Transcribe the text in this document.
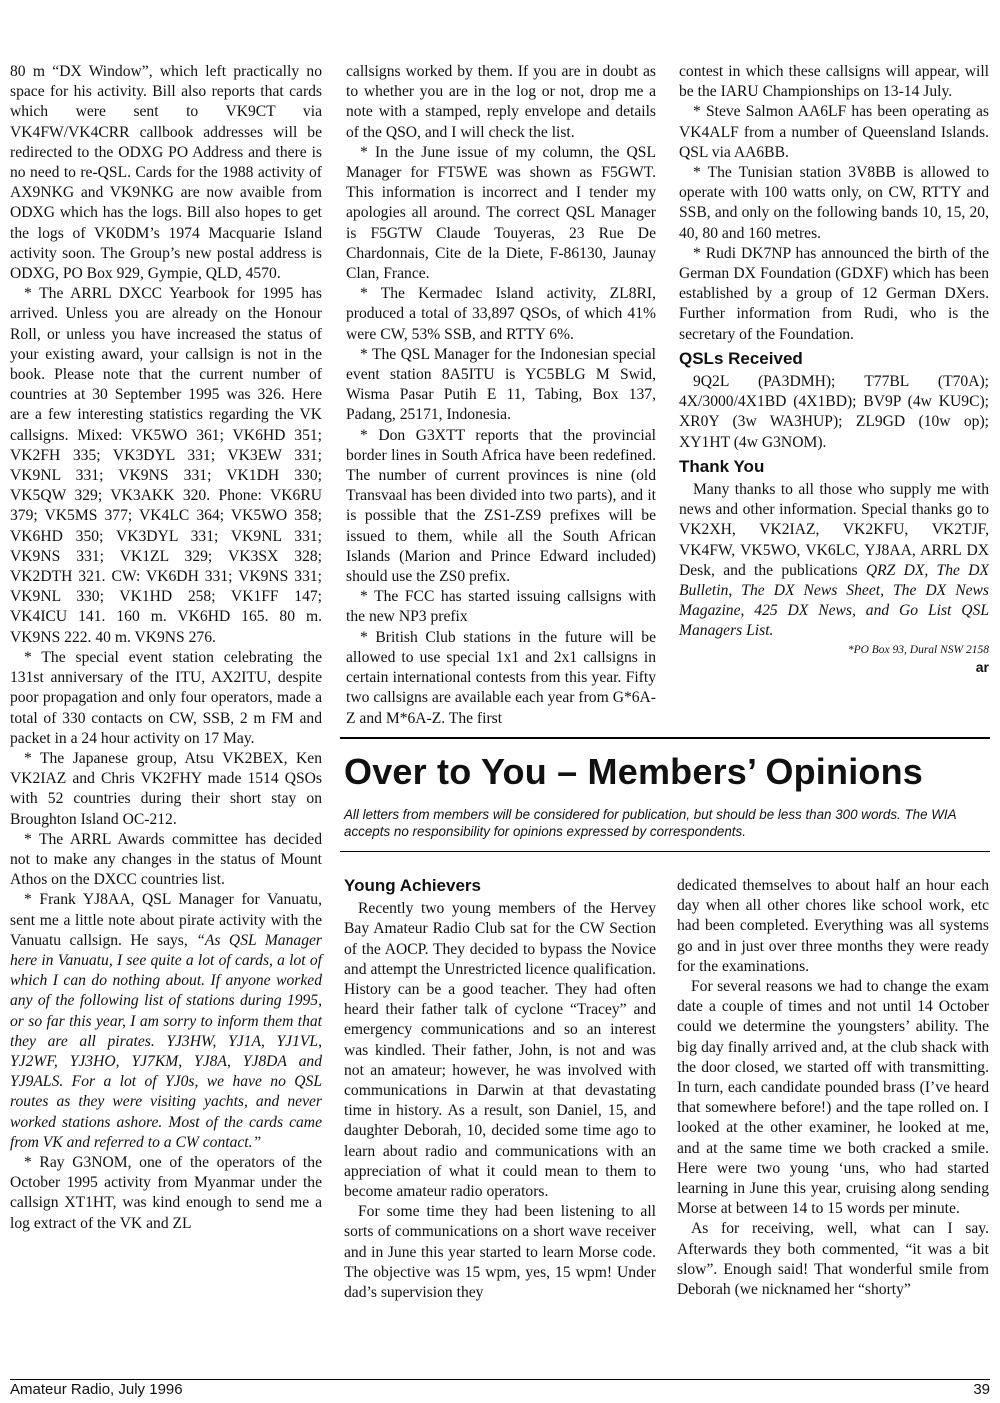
80 m “DX Window”, which left practically no space for his activity. Bill also reports that cards which were sent to VK9CT via VK4FW/VK4CRR callbook addresses will be redirected to the ODXG PO Address and there is no need to re-QSL. Cards for the 1988 activity of AX9NKG and VK9NKG are now avaible from ODXG which has the logs. Bill also hopes to get the logs of VK0DM’s 1974 Macquarie Island activity soon. The Group’s new postal address is ODXG, PO Box 929, Gympie, QLD, 4570.

* The ARRL DXCC Yearbook for 1995 has arrived. Unless you are already on the Honour Roll, or unless you have increased the status of your existing award, your callsign is not in the book. Please note that the current number of countries at 30 September 1995 was 326. Here are a few interesting statistics regarding the VK callsigns. Mixed: VK5WO 361; VK6HD 351; VK2FH 335; VK3DYL 331; VK3EW 331; VK9NL 331; VK9NS 331; VK1DH 330; VK5QW 329; VK3AKK 320. Phone: VK6RU 379; VK5MS 377; VK4LC 364; VK5WO 358; VK6HD 350; VK3DYL 331; VK9NL 331; VK9NS 331; VK1ZL 329; VK3SX 328; VK2DTH 321. CW: VK6DH 331; VK9NS 331; VK9NL 330; VK1HD 258; VK1FF 147; VK4ICU 141. 160 m. VK6HD 165. 80 m. VK9NS 222. 40 m. VK9NS 276.

* The special event station celebrating the 131st anniversary of the ITU, AX2ITU, despite poor propagation and only four operators, made a total of 330 contacts on CW, SSB, 2 m FM and packet in a 24 hour activity on 17 May.

* The Japanese group, Atsu VK2BEX, Ken VK2IAZ and Chris VK2FHY made 1514 QSOs with 52 countries during their short stay on Broughton Island OC-212.

* The ARRL Awards committee has decided not to make any changes in the status of Mount Athos on the DXCC countries list.

* Frank YJ8AA, QSL Manager for Vanuatu, sent me a little note about pirate activity with the Vanuatu callsign. He says, “As QSL Manager here in Vanuatu, I see quite a lot of cards, a lot of which I can do nothing about. If anyone worked any of the following list of stations during 1995, or so far this year, I am sorry to inform them that they are all pirates. YJ3HW, YJ1A, YJ1VL, YJ2WF, YJ3HO, YJ7KM, YJ8A, YJ8DA and YJ9ALS. For a lot of YJ0s, we have no QSL routes as they were visiting yachts, and never worked stations ashore. Most of the cards came from VK and referred to a CW contact.”

* Ray G3NOM, one of the operators of the October 1995 activity from Myanmar under the callsign XT1HT, was kind enough to send me a log extract of the VK and ZL

callsigns worked by them. If you are in doubt as to whether you are in the log or not, drop me a note with a stamped, reply envelope and details of the QSO, and I will check the list.

* In the June issue of my column, the QSL Manager for FT5WE was shown as F5GWT. This information is incorrect and I tender my apologies all around. The correct QSL Manager is F5GTW Claude Touyeras, 23 Rue De Chardonnais, Cite de la Diete, F-86130, Jaunay Clan, France.

* The Kermadec Island activity, ZL8RI, produced a total of 33,897 QSOs, of which 41% were CW, 53% SSB, and RTTY 6%.

* The QSL Manager for the Indonesian special event station 8A5ITU is YC5BLG M Swid, Wisma Pasar Putih E 11, Tabing, Box 137, Padang, 25171, Indonesia.

* Don G3XTT reports that the provincial border lines in South Africa have been redefined. The number of current provinces is nine (old Transvaal has been divided into two parts), and it is possible that the ZS1-ZS9 prefixes will be issued to them, while all the South African Islands (Marion and Prince Edward included) should use the ZS0 prefix.

* The FCC has started issuing callsigns with the new NP3 prefix

* British Club stations in the future will be allowed to use special 1x1 and 2x1 callsigns in certain international contests from this year. Fifty two callsigns are available each year from G*6A-Z and M*6A-Z. The first

contest in which these callsigns will appear, will be the IARU Championships on 13-14 July.

* Steve Salmon AA6LF has been operating as VK4ALF from a number of Queensland Islands. QSL via AA6BB.

* The Tunisian station 3V8BB is allowed to operate with 100 watts only, on CW, RTTY and SSB, and only on the following bands 10, 15, 20, 40, 80 and 160 metres.

* Rudi DK7NP has announced the birth of the German DX Foundation (GDXF) which has been established by a group of 12 German DXers. Further information from Rudi, who is the secretary of the Foundation.

QSLs Received

9Q2L (PA3DMH); T77BL (T70A); 4X/3000/4X1BD (4X1BD); BV9P (4w KU9C); XR0Y (3w WA3HUP); ZL9GD (10w op); XY1HT (4w G3NOM).

Thank You

Many thanks to all those who supply me with news and other information. Special thanks go to VK2XH, VK2IAZ, VK2KFU, VK2TJF, VK4FW, VK5WO, VK6LC, YJ8AA, ARRL DX Desk, and the publications QRZ DX, The DX Bulletin, The DX News Sheet, The DX News Magazine, 425 DX News, and Go List QSL Managers List.

*PO Box 93, Dural NSW 2158
ar
Over to You – Members’ Opinions
All letters from members will be considered for publication, but should be less than 300 words. The WIA accepts no responsibility for opinions expressed by correspondents.
Young Achievers

Recently two young members of the Hervey Bay Amateur Radio Club sat for the CW Section of the AOCP. They decided to bypass the Novice and attempt the Unrestricted licence qualification. History can be a good teacher. They had often heard their father talk of cyclone “Tracey” and emergency communications and so an interest was kindled. Their father, John, is not and was not an amateur; however, he was involved with communications in Darwin at that devastating time in history. As a result, son Daniel, 15, and daughter Deborah, 10, decided some time ago to learn about radio and communications with an appreciation of what it could mean to them to become amateur radio operators.

For some time they had been listening to all sorts of communications on a short wave receiver and in June this year started to learn Morse code. The objective was 15 wpm, yes, 15 wpm! Under dad’s supervision they

dedicated themselves to about half an hour each day when all other chores like school work, etc had been completed. Everything was all systems go and in just over three months they were ready for the examinations.

For several reasons we had to change the exam date a couple of times and not until 14 October could we determine the youngsters’ ability. The big day finally arrived and, at the club shack with the door closed, we started off with transmitting. In turn, each candidate pounded brass (I’ve heard that somewhere before!) and the tape rolled on. I looked at the other examiner, he looked at me, and at the same time we both cracked a smile. Here were two young ‘uns, who had started learning in June this year, cruising along sending Morse at between 14 to 15 words per minute.

As for receiving, well, what can I say. Afterwards they both commented, “it was a bit slow”. Enough said! That wonderful smile from Deborah (we nicknamed her “shorty”

Amateur Radio, July 1996	39
